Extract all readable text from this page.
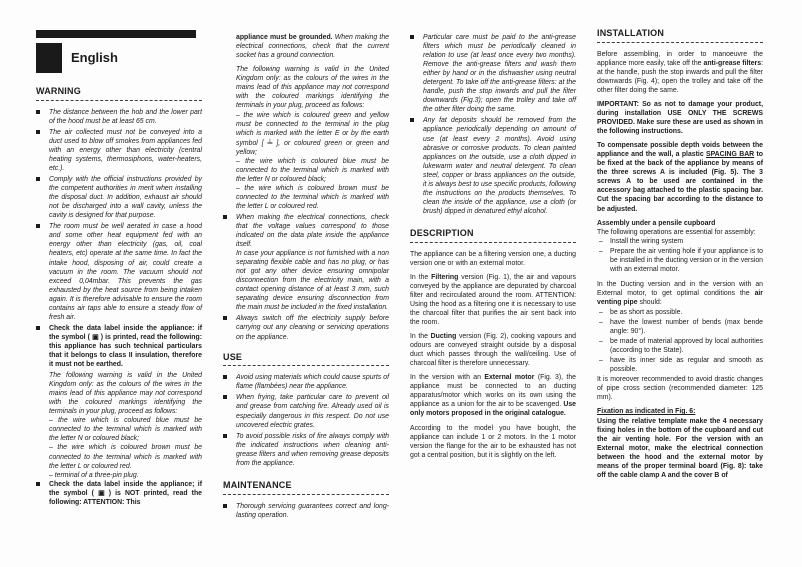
English
WARNING
The distance between the hob and the lower part of the hood must be at least 65 cm.
The air collected must not be conveyed into a duct used to blow off smokes from appliances fed with an energy other than electricity (central heating systems, thermosiphons, water-heaters, etc.).
Comply with the official instructions provided by the competent authorities in merit when installing the disposal duct. In addition, exhaust air should not be discharged into a wall cavity, unless the cavity is designed for that purpose.
The room must be well aerated in case a hood and some other heat equipment fed with an energy other than electricity (gas, oil, coal heaters, etc) operate at the same time. In fact the intake hood, disposing of air, could create a vacuum in the room. The vacuum should not exceed 0,04mbar. This prevents the gas exhausted by the heat source from being intaken again. It is therefore advisable to ensure the room contains air taps able to ensure a steady flow of fresh air.
Check the data label inside the appliance: if the symbol ( ▣ ) is printed, read the following: this appliance has such technical particulars that it belongs to class II insulation, therefore it must not be earthed.
The following warning is valid in the United Kingdom only: as the colours of the wires in the mains lead of this appliance may not correspond with the coloured markings identifying the terminals in your plug, proceed as follows:
– the wire which is coloured blue must be connected to the terminal which is marked with the letter N or coloured black;
– the wire which is coloured brown must be connected to the terminal which is marked with the letter L or coloured red.
– terminal of a three-pin plug.
Check the data label inside the appliance; if the symbol ( ▣ ) is NOT printed, read the following: ATTENTION: This
appliance must be grounded. When making the electrical connections, check that the current socket has a ground connection.
The following warning is valid in the United Kingdom only: as the colours of the wires in the mains lead of this appliance may not correspond with the coloured markings identifying the terminals in your plug, proceed as follows:
– the wire which is coloured green and yellow must be connected to the terminal in the plug which is marked with the letter E or by the earth symbol [ ╧ ], or coloured green or green and yellow;
– the wire which is coloured blue must be connected to the terminal which is marked with the letter N or coloured black;
– the wire which is coloured brown must be connected to the terminal which is marked with the letter L or coloured red.
When making the electrical connections, check that the voltage values correspond to those indicated on the data plate inside the appliance itself.
In case your appliance is not furnished with a non separating flexible cable and has no plug, or has not got any other device ensuring omnipolar disconnection from the electricity main, with a contact opening distance of at least 3 mm, such separating device ensuring disconnection from the main must be included in the fixed installation.
Always switch off the electricity supply before carrying out any cleaning or servicing operations on the appliance.
USE
Avoid using materials which could cause spurts of flame (flambées) near the appliance.
When frying, take particular care to prevent oil and grease from catching fire. Already used oil is especially dangerous in this respect. Do not use uncovered electric grates.
To avoid possible risks of fire always comply with the indicated instructions when cleaning anti-grease filters and when removing grease deposits from the appliance.
MAINTENANCE
Thorough servicing guarantees correct and long-lasting operation.
Particular care must be paid to the anti-grease filters which must be periodically cleaned in relation to use (at least once every two months). Remove the anti-grease filters and wash them either by hand or in the dishwasher using neutral detergent. To take off the anti-grease filters: at the handle, push the stop inwards and pull the filter downwards (Fig.3); open the trolley and take off the other filter doing the same.
Any fat deposits should be removed from the appliance periodically depending on amount of use (at least every 2 months). Avoid using abrasive or corrosive products. To clean painted appliances on the outside, use a cloth dipped in lukewarm water and neutral detergent. To clean steel, copper or brass appliances on the outside, it is always best to use specific products, following the instructions on the products themselves. To clean the inside of the appliance, use a cloth (or brush) dipped in denatured ethyl alcohol.
DESCRIPTION
The appliance can be a filtering version one, a ducting version one or with an external motor.
In the Filtering version (Fig. 1), the air and vapours conveyed by the appliance are depurated by charcoal filter and recirculated around the room. ATTENTION: Using the hood as a filtering one it is necessary to use the charcoal filter that purifies the air sent back into the room.
In the Ducting version (Fig. 2), cooking vapours and odours are conveyed straight outside by a disposal duct which passes through the wall/ceiling. Use of charcoal filter is therefore unnecessary.
In the version with an External motor (Fig. 3), the appliance must be connected to an ducting apparatus/motor which works on its own using the appliance as a union for the air to be scavenged. Use only motors proposed in the original catalogue.
According to the model you have bought, the appliance can include 1 or 2 motors. In the 1 motor version the flange for the air to be exhausted has not got a central position, but it is slightly on the left.
INSTALLATION
Before assembling, in order to manoeuvre the appliance more easily, take off the anti-grease filters: at the handle, push the stop inwards and pull the filter downwards (Fig. 4); open the trolley and take off the other filter doing the same.
IMPORTANT: So as not to damage your product, during installation USE ONLY THE SCREWS PROVIDED. Make sure these are used as shown in the following instructions.
To compensate possible depth voids between the appliance and the wall, a plastic SPACING BAR to be fixed at the back of the appliance by means of the three screws A is included (Fig. 5). The 3 screws A to be used are contained in the accessory bag attached to the plastic spacing bar. Cut the spacing bar according to the distance to be adjusted.
Assembly under a pensile cupboard
The following operations are essential for assembly:
–	Install the wiring system
–	Prepare the air venting hole if your appliance is to be installed in the ducting version or in the version with an external motor.
In the Ducting version and in the version with an External motor, to get optimal conditions the air venting pipe should:
–	be as short as possible.
–	have the lowest number of bends (max bende angle: 90°).
–	be made of material approved by local authorities (according to the State).
–	have its inner side as regular and smooth as possible.
It is moreover recommended to avoid drastic changes of pipe cross section (recommended diameter: 125 mm).
Fixation as indicated in Fig. 6:
Using the relative template make the 4 necessary fixing holes in the bottom of the cupboard and cut the air venting hole. For the version with an External motor, make the electrical connection between the hood and the external motor by means of the proper terminal board (Fig. 8): take off the cable clamp A and the cover B of
